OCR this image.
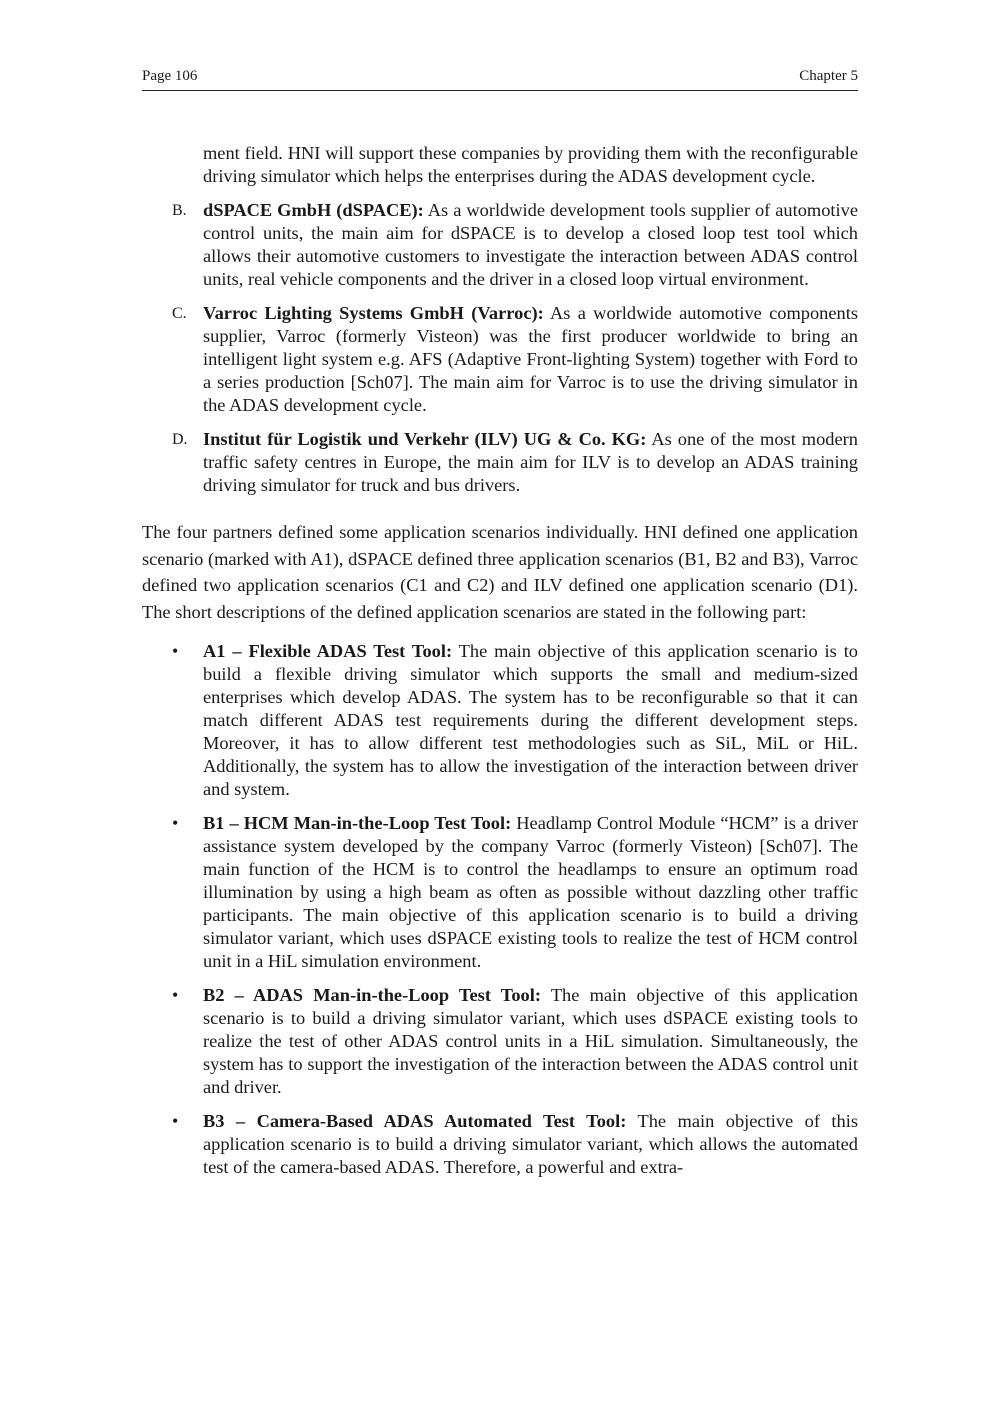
Page 106	Chapter 5
ment field. HNI will support these companies by providing them with the reconfigurable driving simulator which helps the enterprises during the ADAS development cycle.
B. dSPACE GmbH (dSPACE): As a worldwide development tools supplier of automotive control units, the main aim for dSPACE is to develop a closed loop test tool which allows their automotive customers to investigate the interaction between ADAS control units, real vehicle components and the driver in a closed loop virtual environment.
C. Varroc Lighting Systems GmbH (Varroc): As a worldwide automotive components supplier, Varroc (formerly Visteon) was the first producer worldwide to bring an intelligent light system e.g. AFS (Adaptive Front-lighting System) together with Ford to a series production [Sch07]. The main aim for Varroc is to use the driving simulator in the ADAS development cycle.
D. Institut für Logistik und Verkehr (ILV) UG & Co. KG: As one of the most modern traffic safety centres in Europe, the main aim for ILV is to develop an ADAS training driving simulator for truck and bus drivers.
The four partners defined some application scenarios individually. HNI defined one application scenario (marked with A1), dSPACE defined three application scenarios (B1, B2 and B3), Varroc defined two application scenarios (C1 and C2) and ILV defined one application scenario (D1). The short descriptions of the defined application scenarios are stated in the following part:
• A1 – Flexible ADAS Test Tool: The main objective of this application scenario is to build a flexible driving simulator which supports the small and medium-sized enterprises which develop ADAS. The system has to be reconfigurable so that it can match different ADAS test requirements during the different development steps. Moreover, it has to allow different test methodologies such as SiL, MiL or HiL. Additionally, the system has to allow the investigation of the interaction between driver and system.
• B1 – HCM Man-in-the-Loop Test Tool: Headlamp Control Module “HCM” is a driver assistance system developed by the company Varroc (formerly Visteon) [Sch07]. The main function of the HCM is to control the headlamps to ensure an optimum road illumination by using a high beam as often as possible without dazzling other traffic participants. The main objective of this application scenario is to build a driving simulator variant, which uses dSPACE existing tools to realize the test of HCM control unit in a HiL simulation environment.
• B2 – ADAS Man-in-the-Loop Test Tool: The main objective of this application scenario is to build a driving simulator variant, which uses dSPACE existing tools to realize the test of other ADAS control units in a HiL simulation. Simultaneously, the system has to support the investigation of the interaction between the ADAS control unit and driver.
• B3 – Camera-Based ADAS Automated Test Tool: The main objective of this application scenario is to build a driving simulator variant, which allows the automated test of the camera-based ADAS. Therefore, a powerful and extra-
